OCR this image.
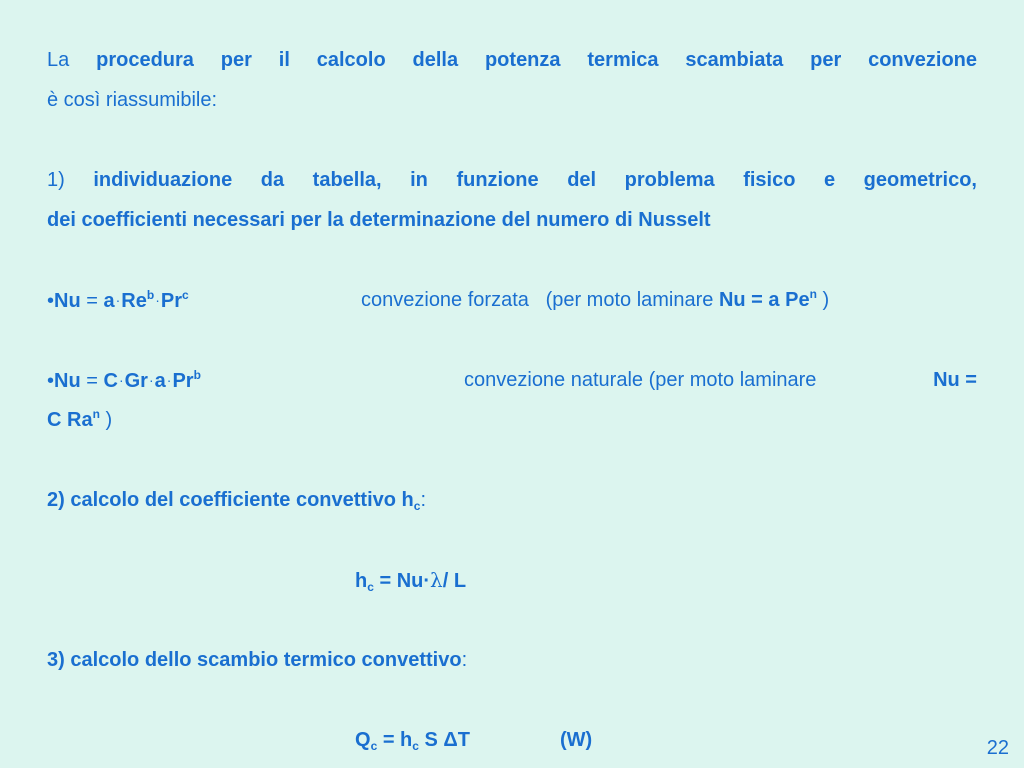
La procedura per il calcolo della potenza termica scambiata per convezione
è così riassumibile:
1) individuazione da tabella, in funzione del problema fisico e geometrico,
dei coefficienti necessari per la determinazione del numero di Nusselt
•Nu = $a\cdot Re^b\cdot Pr^c$	convezione forzata (per moto laminare Nu = a Pe$^n$ )
•Nu = $C\cdot Gr\cdot a\cdot Pr^b$	convezione naturale (per moto laminare	Nu =
C Ra$^n$ )
2) calcolo del coefficiente convettivo $h_c$:
$h_c = Nu\cdot\lambda/$ L
3) calcolo dello scambio termico convettivo:
$Q_c = h_c$ S ΔT	(W)	22
